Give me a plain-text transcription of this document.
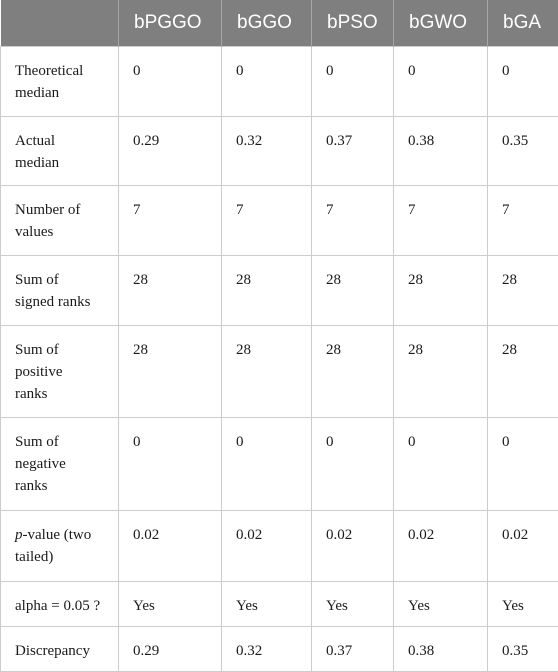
	bPGGO	bGGO	bPSO	bGWO	bGA
Theoretical
median	0	0	0	0	0
Actual
median	0.29	0.32	0.37	0.38	0.35
Number of
values	7	7	7	7	7
Sum of
signed ranks	28	28	28	28	28
Sum of
positive
ranks	28	28	28	28	28
Sum of
negative
ranks	0	0	0	0	0
p-value (two
tailed)	0.02	0.02	0.02	0.02	0.02
alpha = 0.05 ?	Yes	Yes	Yes	Yes	Yes
Discrepancy	0.29	0.32	0.37	0.38	0.35
